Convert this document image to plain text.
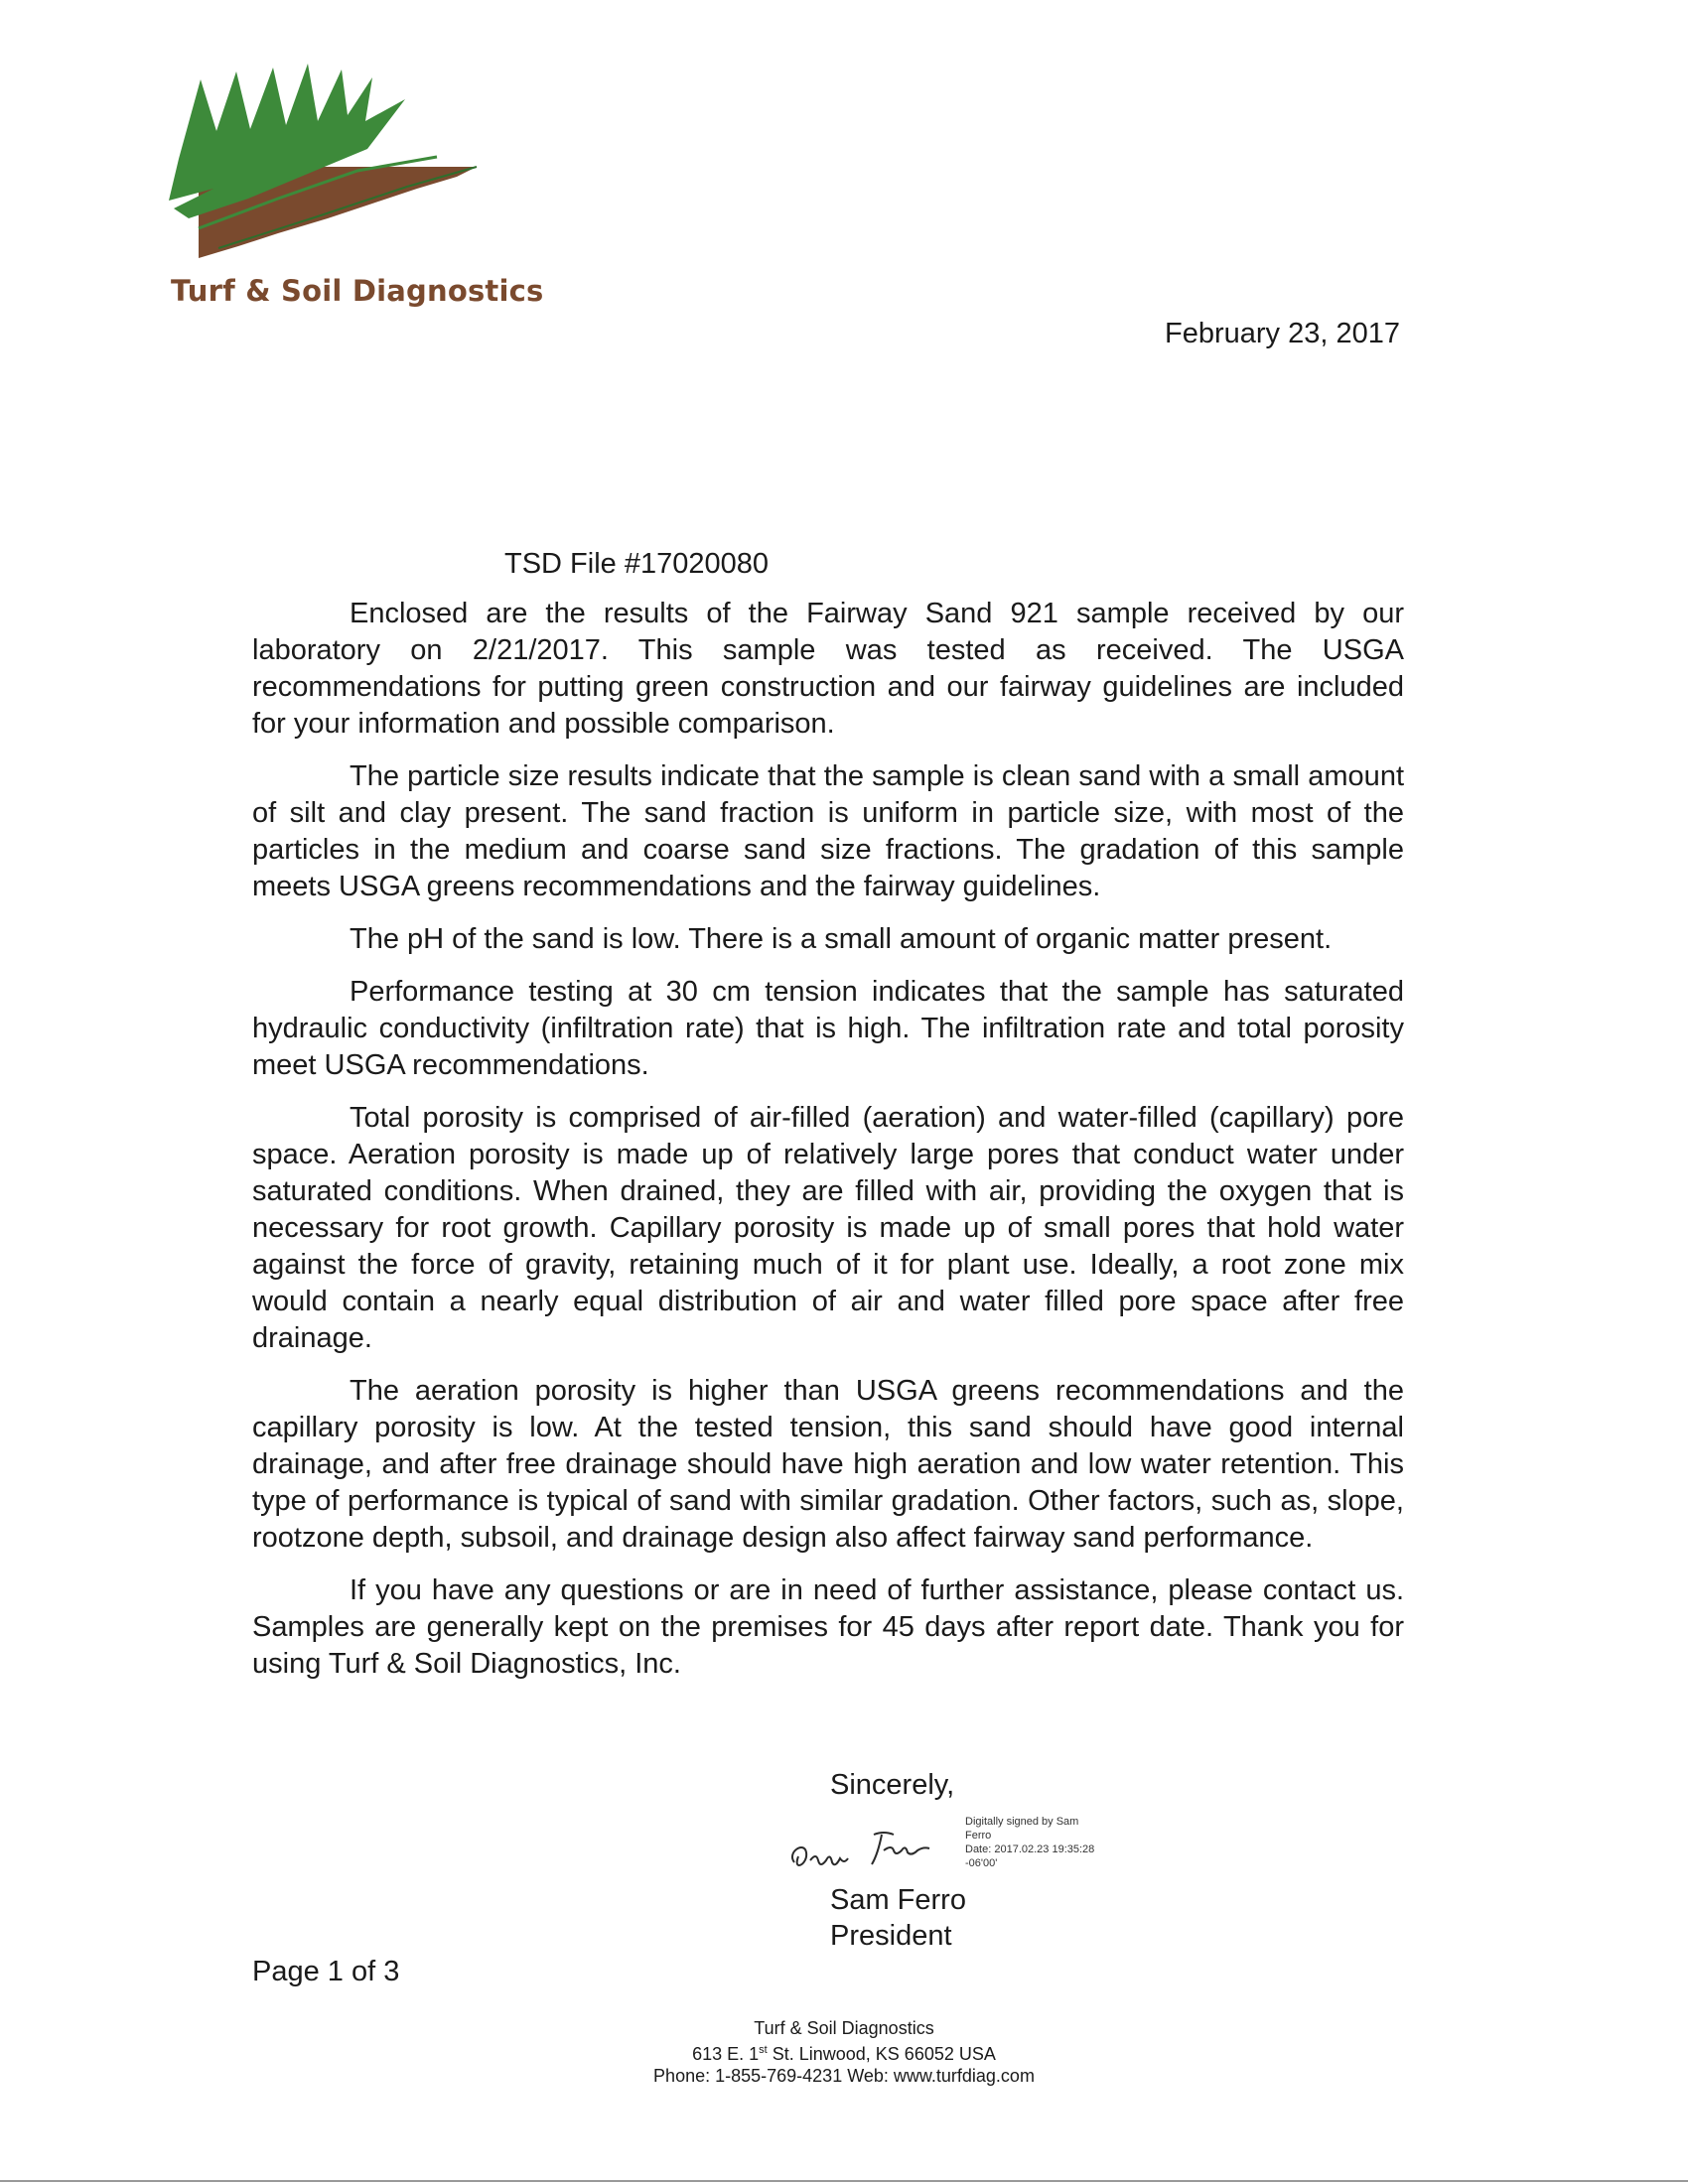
Turf & Soil Diagnostics
February 23, 2017
TSD File #17020080

Enclosed are the results of the Fairway Sand 921 sample received by our laboratory on 2/21/2017. This sample was tested as received. The USGA recommendations for putting green construction and our fairway guidelines are included for your information and possible comparison.

The particle size results indicate that the sample is clean sand with a small amount of silt and clay present. The sand fraction is uniform in particle size, with most of the particles in the medium and coarse sand size fractions. The gradation of this sample meets USGA greens recommendations and the fairway guidelines.

The pH of the sand is low. There is a small amount of organic matter present.

Performance testing at 30 cm tension indicates that the sample has saturated hydraulic conductivity (infiltration rate) that is high. The infiltration rate and total porosity meet USGA recommendations.

Total porosity is comprised of air-filled (aeration) and water-filled (capillary) pore space. Aeration porosity is made up of relatively large pores that conduct water under saturated conditions. When drained, they are filled with air, providing the oxygen that is necessary for root growth. Capillary porosity is made up of small pores that hold water against the force of gravity, retaining much of it for plant use. Ideally, a root zone mix would contain a nearly equal distribution of air and water filled pore space after free drainage.

The aeration porosity is higher than USGA greens recommendations and the capillary porosity is low. At the tested tension, this sand should have good internal drainage, and after free drainage should have high aeration and low water retention. This type of performance is typical of sand with similar gradation. Other factors, such as, slope, rootzone depth, subsoil, and drainage design also affect fairway sand performance.

If you have any questions or are in need of further assistance, please contact us. Samples are generally kept on the premises for 45 days after report date. Thank you for using Turf & Soil Diagnostics, Inc.

Sincerely,
Digitally signed by Sam
Ferro
Date: 2017.02.23 19:35:28
-06'00'
Sam Ferro
President
Page 1 of 3
Turf & Soil Diagnostics
613 E. 1st St. Linwood, KS 66052 USA
Phone: 1-855-769-4231 Web: www.turfdiag.com
